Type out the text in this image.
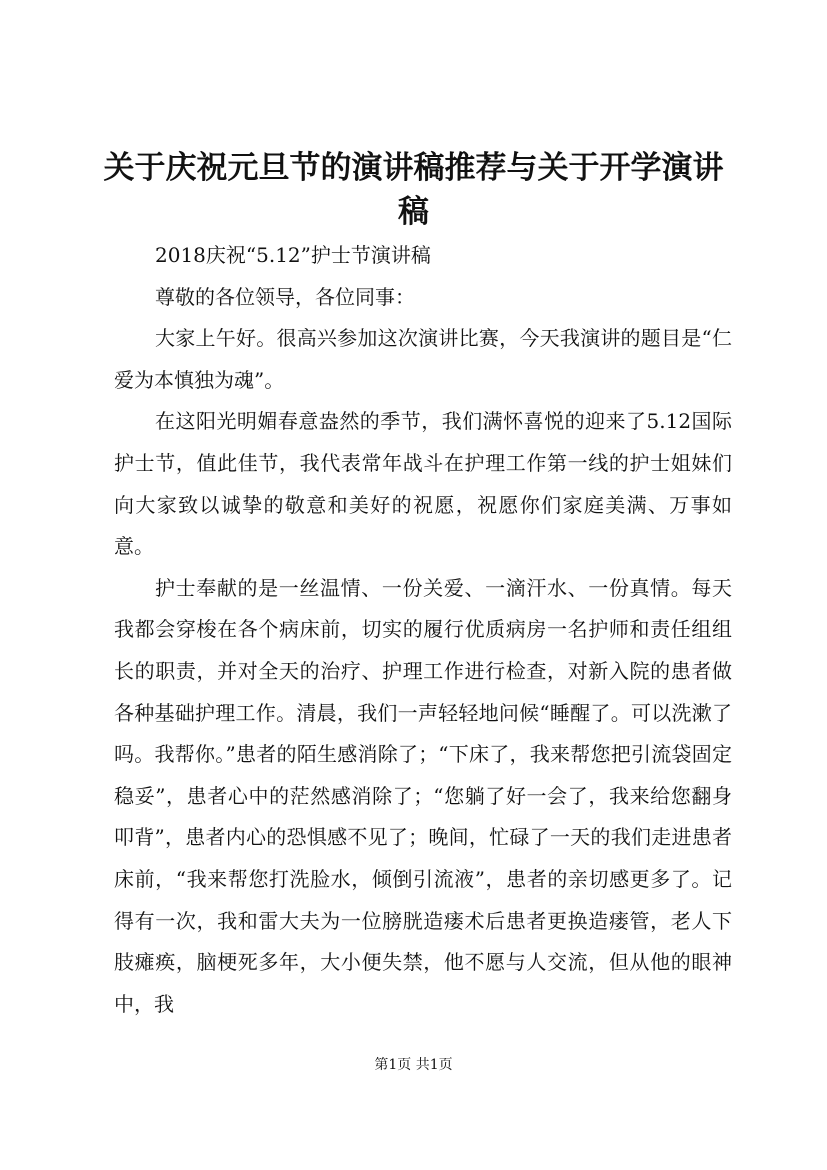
关于庆祝元旦节的演讲稿推荐与关于开学演讲稿

2018庆祝“5.12”护士节演讲稿

尊敬的各位领导，各位同事：

大家上午好。很高兴参加这次演讲比赛，今天我演讲的题目是“仁爱为本慎独为魂”。

在这阳光明媚春意盎然的季节，我们满怀喜悦的迎来了5.12国际护士节，值此佳节，我代表常年战斗在护理工作第一线的护士姐妹们向大家致以诚挚的敬意和美好的祝愿，祝愿你们家庭美满、万事如意。

护士奉献的是一丝温情、一份关爱、一滴汗水、一份真情。每天我都会穿梭在各个病床前，切实的履行优质病房一名护师和责任组组长的职责，并对全天的治疗、护理工作进行检查，对新入院的患者做各种基础护理工作。清晨，我们一声轻轻地问候“睡醒了。可以洗漱了吗。我帮你。”患者的陌生感消除了；“下床了，我来帮您把引流袋固定稳妥”，患者心中的茫然感消除了；“您躺了好一会了，我来给您翻身叩背”，患者内心的恐惧感不见了；晚间，忙碌了一天的我们走进患者床前，“我来帮您打洗脸水，倾倒引流液”，患者的亲切感更多了。记得有一次，我和雷大夫为一位膀胱造瘘术后患者更换造瘘管，老人下肢瘫痪，脑梗死多年，大小便失禁，他不愿与人交流，但从他的眼神中，我

第1页 共1页
